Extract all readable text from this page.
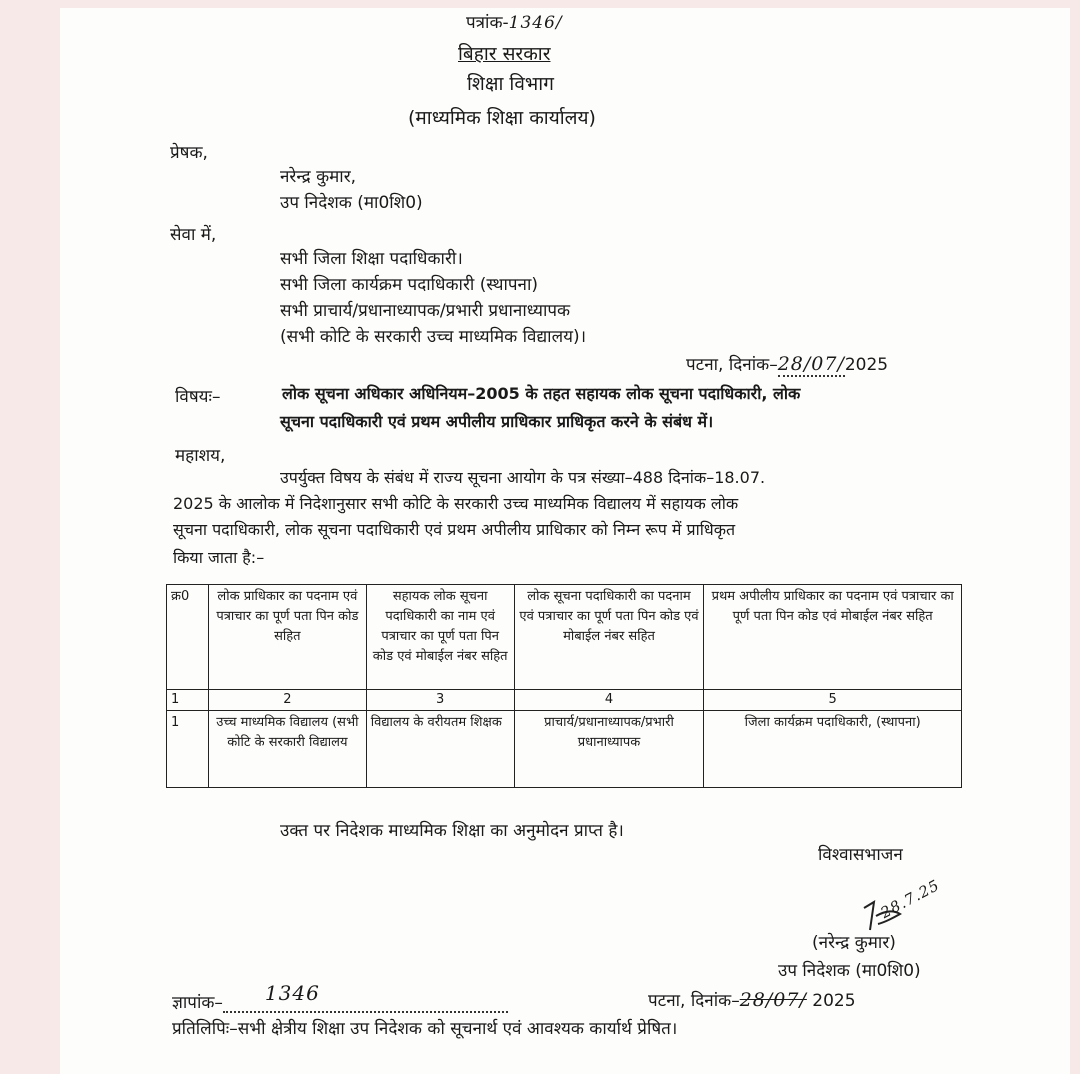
पत्रांक-1346/
बिहार सरकार
शिक्षा विभाग
(माध्यमिक शिक्षा कार्यालय)
प्रेषक,
नरेन्द्र कुमार,
उप निदेशक (मा0शि0)
सेवा में,
सभी जिला शिक्षा पदाधिकारी।
सभी जिला कार्यक्रम पदाधिकारी (स्थापना)
सभी प्राचार्य/प्रधानाध्यापक/प्रभारी प्रधानाध्यापक
(सभी कोटि के सरकारी उच्च माध्यमिक विद्यालय)।
पटना, दिनांक–28/07/2025
विषयः–	लोक सूचना अधिकार अधिनियम–2005 के तहत सहायक लोक सूचना पदाधिकारी, लोक
सूचना पदाधिकारी एवं प्रथम अपीलीय प्राधिकार प्राधिकृत करने के संबंध में।
महाशय,
उपर्युक्त विषय के संबंध में राज्य सूचना आयोग के पत्र संख्या–488 दिनांक–18.07.
2025 के आलोक में निदेशानुसार सभी कोटि के सरकारी उच्च माध्यमिक विद्यालय में सहायक लोक
सूचना पदाधिकारी, लोक सूचना पदाधिकारी एवं प्रथम अपीलीय प्राधिकार को निम्न रूप में प्राधिकृत
किया जाता है:–
क्र0	लोक प्राधिकार का पदनाम एवं पत्राचार का पूर्ण पता पिन कोड सहित	सहायक लोक सूचना पदाधिकारी का नाम एवं पत्राचार का पूर्ण पता पिन कोड एवं मोबाईल नंबर सहित	लोक सूचना पदाधिकारी का पदनाम एवं पत्राचार का पूर्ण पता पिन कोड एवं मोबाईल नंबर सहित	प्रथम अपीलीय प्राधिकार का पदनाम एवं पत्राचार का पूर्ण पता पिन कोड एवं मोबाईल नंबर सहित
1	2	3	4	5
1	उच्च माध्यमिक विद्यालय (सभी कोटि के सरकारी विद्यालय	विद्यालय के वरीयतम शिक्षक	प्राचार्य/प्रधानाध्यापक/प्रभारी प्रधानाध्यापक	जिला कार्यक्रम पदाधिकारी, (स्थापना)
उक्त पर निदेशक माध्यमिक शिक्षा का अनुमोदन प्राप्त है।
विश्वासभाजन
28.7.25
(नरेन्द्र कुमार)
उप निदेशक (मा0शि0)
ज्ञापांक– 1346	पटना, दिनांक–28/07/ 2025
प्रतिलिपिः–सभी क्षेत्रीय शिक्षा उप निदेशक को सूचनार्थ एवं आवश्यक कार्यार्थ प्रेषित।
